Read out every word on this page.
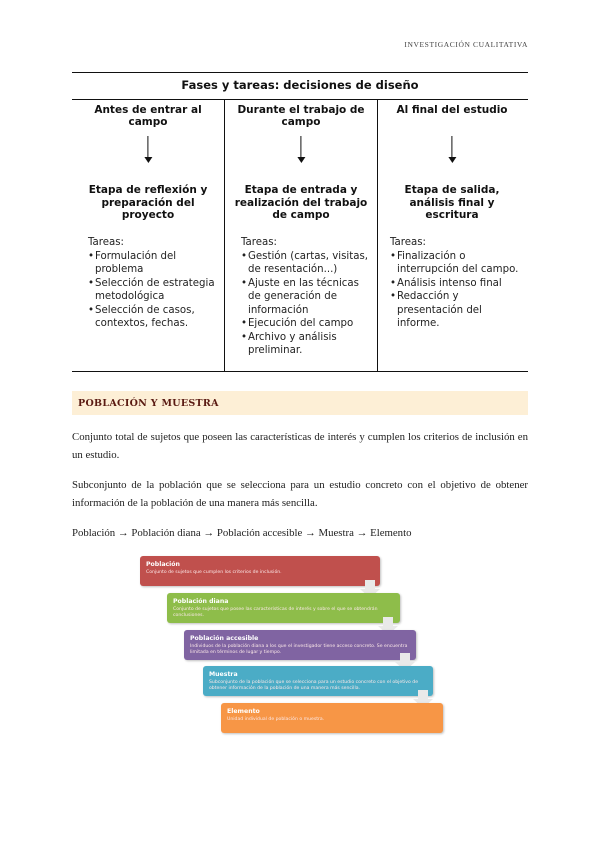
INVESTIGACIÓN CUALITATIVA
Fases y tareas: decisiones de diseño
Antes de entrar al campo
Etapa de reflexión y preparación del proyecto
Tareas:
• Formulación del problema
• Selección de estrategia metodológica
• Selección de casos, contextos, fechas.
Durante el trabajo de campo
Etapa de entrada y realización del trabajo de campo
Tareas:
• Gestión (cartas, visitas, de resentación...)
• Ajuste en las técnicas de generación de información
• Ejecución del campo
• Archivo y análisis preliminar.
Al final del estudio
Etapa de salida, análisis final y escritura
Tareas:
• Finalización o interrupción del campo.
• Análisis intenso final
• Redacción y presentación del informe.
POBLACIÓN Y MUESTRA
Conjunto total de sujetos que poseen las características de interés y cumplen los criterios de inclusión en un estudio.
Subconjunto de la población que se selecciona para un estudio concreto con el objetivo de obtener información de la población de una manera más sencilla.
Población → Población diana → Población accesible → Muestra → Elemento
Población
Conjunto de sujetos que cumplen los criterios de inclusión.
Población diana
Conjunto de sujetos que posee las características de interés y sobre el que se obtendrán conclusiones.
Población accesible
Individuos de la población diana a los que el investigador tiene acceso concreto. Se encuentra limitada en términos de lugar y tiempo.
Muestra
Subconjunto de la población que se selecciona para un estudio concreto con el objetivo de obtener información de la población de una manera más sencilla.
Elemento
Unidad individual de población o muestra.
